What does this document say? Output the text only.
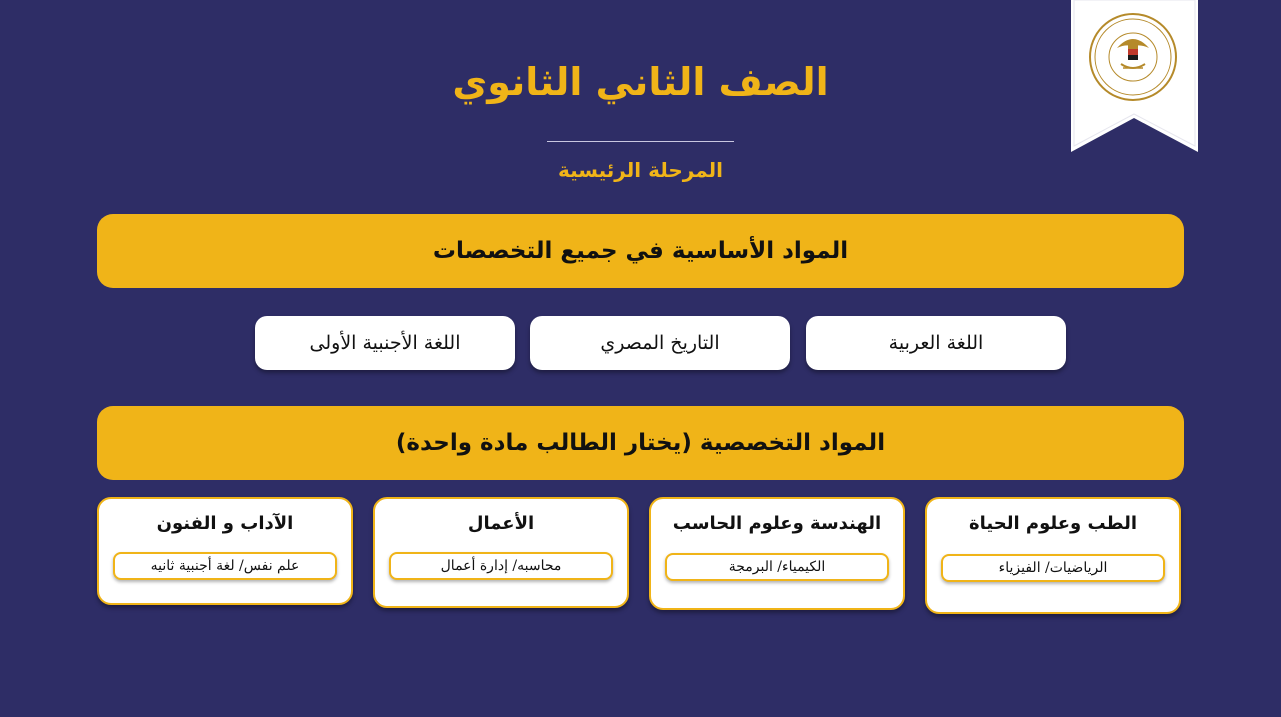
الصف الثاني الثانوي
المرحلة الرئيسية
المواد الأساسية في جميع التخصصات
اللغة العربية
التاريخ المصري
اللغة الأجنبية الأولى
المواد التخصصية (يختار الطالب مادة واحدة)
الطب وعلوم الحياة
الرياضيات/ الفيزياء
الهندسة وعلوم الحاسب
الكيمياء/ البرمجة
الأعمال
محاسبه/ إدارة أعمال
الآداب و الفنون
علم نفس/ لغة أجنبية ثانيه
